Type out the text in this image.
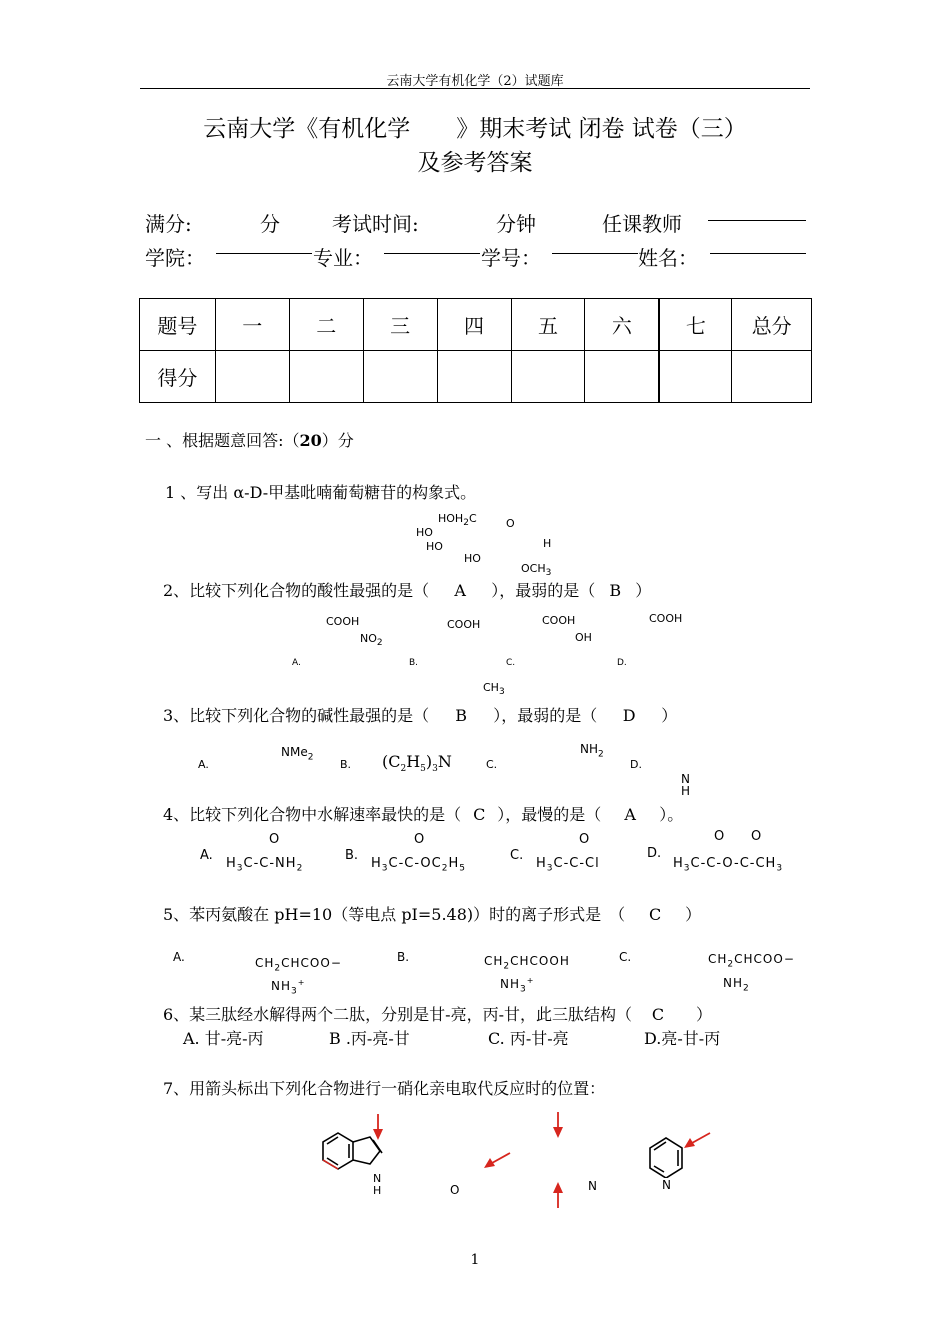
云南大学有机化学（2）试题库
云南大学《有机化学　　》期末考试 闭卷 试卷（三）
及参考答案
满分:	分	考试时间:	分钟	任课教师
学院：	专业：	学号：	姓名：
题号	一	二	三	四	五	六	七	总分
得分								
一 、根据题意回答:（20）分
1 、写出 α-D-甲基吡喃葡萄糖苷的构象式。
$HOH_2C$
HO
HO
HO
O
H
$OCH_3$
2、比较下列化合物的酸性最强的是（ A ），最弱的是（ B ）
COOH
$NO_2$
COOH	COOH
OH
COOH
A.	B.	C.	D.
$CH_3$
3、比较下列化合物的碱性最强的是（ B ），最弱的是（ D ）
A.
NMe$_2$
B. $(C_2H_5)_3N$	C.
$NH_2$
D.
N
H
4、比较下列化合物中水解速率最快的是（ C ），最慢的是（ A ）。
O	O	O	O O
A.
$H_3C-C-NH_2$
B.
$H_3C-C-OC_2H_5$
C.
$H_3C-C-Cl$
D.
$H_3C-C-O-C-CH_3$
5、苯丙氨酸在 pH=10（等电点 pI=5.48)）时的离子形式是　（ C ）
A.	$CH_2CHCOO-$
$NH_3^+$
B.	$CH_2CHCOOH$
$NH_3^+$
C.	$CH_2CHCOO-$
$NH_2$
6、某三肽经水解得两个二肽，分别是甘-亮，丙-甘，此三肽结构（ C ）
A. 甘-亮-丙	B .丙-亮-甘	C. 丙-甘-亮	D.亮-甘-丙
7、用箭头标出下列化合物进行一硝化亲电取代反应时的位置：
N
H	O	N	N
1
